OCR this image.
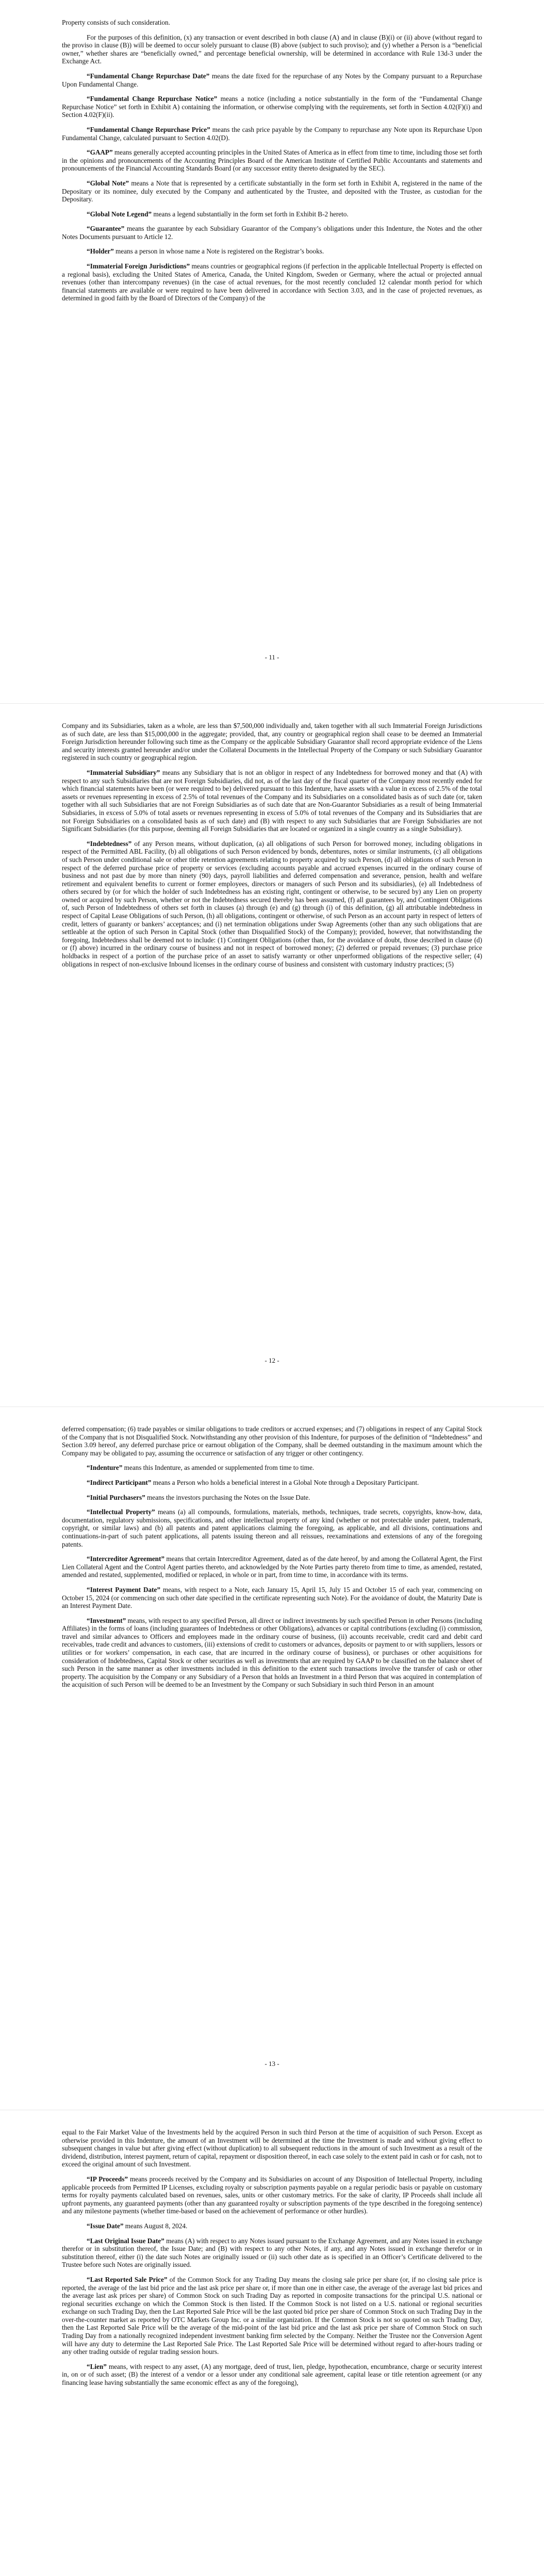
Property consists of such consideration.

For the purposes of this definition, (x) any transaction or event described in both clause (A) and in clause (B)(i) or (ii) above (without regard to the proviso in clause (B)) will be deemed to occur solely pursuant to clause (B) above (subject to such proviso); and (y) whether a Person is a “beneficial owner,” whether shares are “beneficially owned,” and percentage beneficial ownership, will be determined in accordance with Rule 13d-3 under the Exchange Act.

“Fundamental Change Repurchase Date” means the date fixed for the repurchase of any Notes by the Company pursuant to a Repurchase Upon Fundamental Change.

“Fundamental Change Repurchase Notice” means a notice (including a notice substantially in the form of the “Fundamental Change Repurchase Notice” set forth in Exhibit A) containing the information, or otherwise complying with the requirements, set forth in Section 4.02(F)(i) and Section 4.02(F)(ii).

“Fundamental Change Repurchase Price” means the cash price payable by the Company to repurchase any Note upon its Repurchase Upon Fundamental Change, calculated pursuant to Section 4.02(D).

“GAAP” means generally accepted accounting principles in the United States of America as in effect from time to time, including those set forth in the opinions and pronouncements of the Accounting Principles Board of the American Institute of Certified Public Accountants and statements and pronouncements of the Financial Accounting Standards Board (or any successor entity thereto designated by the SEC).

“Global Note” means a Note that is represented by a certificate substantially in the form set forth in Exhibit A, registered in the name of the Depositary or its nominee, duly executed by the Company and authenticated by the Trustee, and deposited with the Trustee, as custodian for the Depositary.

“Global Note Legend” means a legend substantially in the form set forth in Exhibit B-2 hereto.

“Guarantee” means the guarantee by each Subsidiary Guarantor of the Company’s obligations under this Indenture, the Notes and the other Notes Documents pursuant to Article 12.

“Holder” means a person in whose name a Note is registered on the Registrar’s books.

“Immaterial Foreign Jurisdictions” means countries or geographical regions (if perfection in the applicable Intellectual Property is effected on a regional basis), excluding the United States of America, Canada, the United Kingdom, Sweden or Germany, where the actual or projected annual revenues (other than intercompany revenues) (in the case of actual revenues, for the most recently concluded 12 calendar month period for which financial statements are available or were required to have been delivered in accordance with Section 3.03, and in the case of projected revenues, as determined in good faith by the Board of Directors of the Company) of the

- 11 -

Company and its Subsidiaries, taken as a whole, are less than $7,500,000 individually and, taken together with all such Immaterial Foreign Jurisdictions as of such date, are less than $15,000,000 in the aggregate; provided, that, any country or geographical region shall cease to be deemed an Immaterial Foreign Jurisdiction hereunder following such time as the Company or the applicable Subsidiary Guarantor shall record appropriate evidence of the Liens and security interests granted hereunder and/or under the Collateral Documents in the Intellectual Property of the Company or such Subsidiary Guarantor registered in such country or geographical region.

“Immaterial Subsidiary” means any Subsidiary that is not an obligor in respect of any Indebtedness for borrowed money and that (A) with respect to any such Subsidiaries that are not Foreign Subsidiaries, did not, as of the last day of the fiscal quarter of the Company most recently ended for which financial statements have been (or were required to be) delivered pursuant to this Indenture, have assets with a value in excess of 2.5% of the total assets or revenues representing in excess of 2.5% of total revenues of the Company and its Subsidiaries on a consolidated basis as of such date (or, taken together with all such Subsidiaries that are not Foreign Subsidiaries as of such date that are Non-Guarantor Subsidiaries as a result of being Immaterial Subsidiaries, in excess of 5.0% of total assets or revenues representing in excess of 5.0% of total revenues of the Company and its Subsidiaries that are not Foreign Subsidiaries on a consolidated basis as of such date) and (B) with respect to any such Subsidiaries that are Foreign Subsidiaries are not Significant Subsidiaries (for this purpose, deeming all Foreign Subsidiaries that are located or organized in a single country as a single Subsidiary).

“Indebtedness” of any Person means, without duplication, (a) all obligations of such Person for borrowed money, including obligations in respect of the Permitted ABL Facility, (b) all obligations of such Person evidenced by bonds, debentures, notes or similar instruments, (c) all obligations of such Person under conditional sale or other title retention agreements relating to property acquired by such Person, (d) all obligations of such Person in respect of the deferred purchase price of property or services (excluding accounts payable and accrued expenses incurred in the ordinary course of business and not past due by more than ninety (90) days, payroll liabilities and deferred compensation and severance, pension, health and welfare retirement and equivalent benefits to current or former employees, directors or managers of such Person and its subsidiaries), (e) all Indebtedness of others secured by (or for which the holder of such Indebtedness has an existing right, contingent or otherwise, to be secured by) any Lien on property owned or acquired by such Person, whether or not the Indebtedness secured thereby has been assumed, (f) all guarantees by, and Contingent Obligations of, such Person of Indebtedness of others set forth in clauses (a) through (e) and (g) through (i) of this definition, (g) all attributable indebtedness in respect of Capital Lease Obligations of such Person, (h) all obligations, contingent or otherwise, of such Person as an account party in respect of letters of credit, letters of guaranty or bankers’ acceptances; and (i) net termination obligations under Swap Agreements (other than any such obligations that are settleable at the option of such Person in Capital Stock (other than Disqualified Stock) of the Company); provided, however, that notwithstanding the foregoing, Indebtedness shall be deemed not to include: (1) Contingent Obligations (other than, for the avoidance of doubt, those described in clause (d) or (f) above) incurred in the ordinary course of business and not in respect of borrowed money; (2) deferred or prepaid revenues; (3) purchase price holdbacks in respect of a portion of the purchase price of an asset to satisfy warranty or other unperformed obligations of the respective seller; (4) obligations in respect of non-exclusive Inbound licenses in the ordinary course of business and consistent with customary industry practices; (5)

- 12 -

deferred compensation; (6) trade payables or similar obligations to trade creditors or accrued expenses; and (7) obligations in respect of any Capital Stock of the Company that is not Disqualified Stock. Notwithstanding any other provision of this Indenture, for purposes of the definition of “Indebtedness” and Section 3.09 hereof, any deferred purchase price or earnout obligation of the Company, shall be deemed outstanding in the maximum amount which the Company may be obligated to pay, assuming the occurrence or satisfaction of any trigger or other contingency.

“Indenture” means this Indenture, as amended or supplemented from time to time.

“Indirect Participant” means a Person who holds a beneficial interest in a Global Note through a Depositary Participant.

“Initial Purchasers” means the investors purchasing the Notes on the Issue Date.

“Intellectual Property” means (a) all compounds, formulations, materials, methods, techniques, trade secrets, copyrights, know-how, data, documentation, regulatory submissions, specifications, and other intellectual property of any kind (whether or not protectable under patent, trademark, copyright, or similar laws) and (b) all patents and patent applications claiming the foregoing, as applicable, and all divisions, continuations and continuations-in-part of such patent applications, all patents issuing thereon and all reissues, reexaminations and extensions of any of the foregoing patents.

“Intercreditor Agreement” means that certain Intercreditor Agreement, dated as of the date hereof, by and among the Collateral Agent, the First Lien Collateral Agent and the Control Agent parties thereto, and acknowledged by the Note Parties party thereto from time to time, as amended, restated, amended and restated, supplemented, modified or replaced, in whole or in part, from time to time, in accordance with its terms.

“Interest Payment Date” means, with respect to a Note, each January 15, April 15, July 15 and October 15 of each year, commencing on October 15, 2024 (or commencing on such other date specified in the certificate representing such Note). For the avoidance of doubt, the Maturity Date is an Interest Payment Date.

“Investment” means, with respect to any specified Person, all direct or indirect investments by such specified Person in other Persons (including Affiliates) in the forms of loans (including guarantees of Indebtedness or other Obligations), advances or capital contributions (excluding (i) commission, travel and similar advances to Officers and employees made in the ordinary course of business, (ii) accounts receivable, credit card and debit card receivables, trade credit and advances to customers, (iii) extensions of credit to customers or advances, deposits or payment to or with suppliers, lessors or utilities or for workers’ compensation, in each case, that are incurred in the ordinary course of business), or purchases or other acquisitions for consideration of Indebtedness, Capital Stock or other securities as well as investments that are required by GAAP to be classified on the balance sheet of such Person in the same manner as other investments included in this definition to the extent such transactions involve the transfer of cash or other property. The acquisition by the Company or any Subsidiary of a Person that holds an Investment in a third Person that was acquired in contemplation of the acquisition of such Person will be deemed to be an Investment by the Company or such Subsidiary in such third Person in an amount

- 13 -

equal to the Fair Market Value of the Investments held by the acquired Person in such third Person at the time of acquisition of such Person. Except as otherwise provided in this Indenture, the amount of an Investment will be determined at the time the Investment is made and without giving effect to subsequent changes in value but after giving effect (without duplication) to all subsequent reductions in the amount of such Investment as a result of the dividend, distribution, interest payment, return of capital, repayment or disposition thereof, in each case solely to the extent paid in cash or for cash, not to exceed the original amount of such Investment.

“IP Proceeds” means proceeds received by the Company and its Subsidiaries on account of any Disposition of Intellectual Property, including applicable proceeds from Permitted IP Licenses, excluding royalty or subscription payments payable on a regular periodic basis or payable on customary terms for royalty payments calculated based on revenues, sales, units or other customary metrics. For the sake of clarity, IP Proceeds shall include all upfront payments, any guaranteed payments (other than any guaranteed royalty or subscription payments of the type described in the foregoing sentence) and any milestone payments (whether time-based or based on the achievement of performance or other hurdles).

“Issue Date” means August 8, 2024.

“Last Original Issue Date” means (A) with respect to any Notes issued pursuant to the Exchange Agreement, and any Notes issued in exchange therefor or in substitution thereof, the Issue Date; and (B) with respect to any other Notes, if any, and any Notes issued in exchange therefor or in substitution thereof, either (i) the date such Notes are originally issued or (ii) such other date as is specified in an Officer’s Certificate delivered to the Trustee before such Notes are originally issued.

“Last Reported Sale Price” of the Common Stock for any Trading Day means the closing sale price per share (or, if no closing sale price is reported, the average of the last bid price and the last ask price per share or, if more than one in either case, the average of the average last bid prices and the average last ask prices per share) of Common Stock on such Trading Day as reported in composite transactions for the principal U.S. national or regional securities exchange on which the Common Stock is then listed. If the Common Stock is not listed on a U.S. national or regional securities exchange on such Trading Day, then the Last Reported Sale Price will be the last quoted bid price per share of Common Stock on such Trading Day in the over-the-counter market as reported by OTC Markets Group Inc. or a similar organization. If the Common Stock is not so quoted on such Trading Day, then the Last Reported Sale Price will be the average of the mid-point of the last bid price and the last ask price per share of Common Stock on such Trading Day from a nationally recognized independent investment banking firm selected by the Company. Neither the Trustee nor the Conversion Agent will have any duty to determine the Last Reported Sale Price. The Last Reported Sale Price will be determined without regard to after-hours trading or any other trading outside of regular trading session hours.

“Lien” means, with respect to any asset, (A) any mortgage, deed of trust, lien, pledge, hypothecation, encumbrance, charge or security interest in, on or of such asset; (B) the interest of a vendor or a lessor under any conditional sale agreement, capital lease or title retention agreement (or any financing lease having substantially the same economic effect as any of the foregoing),
